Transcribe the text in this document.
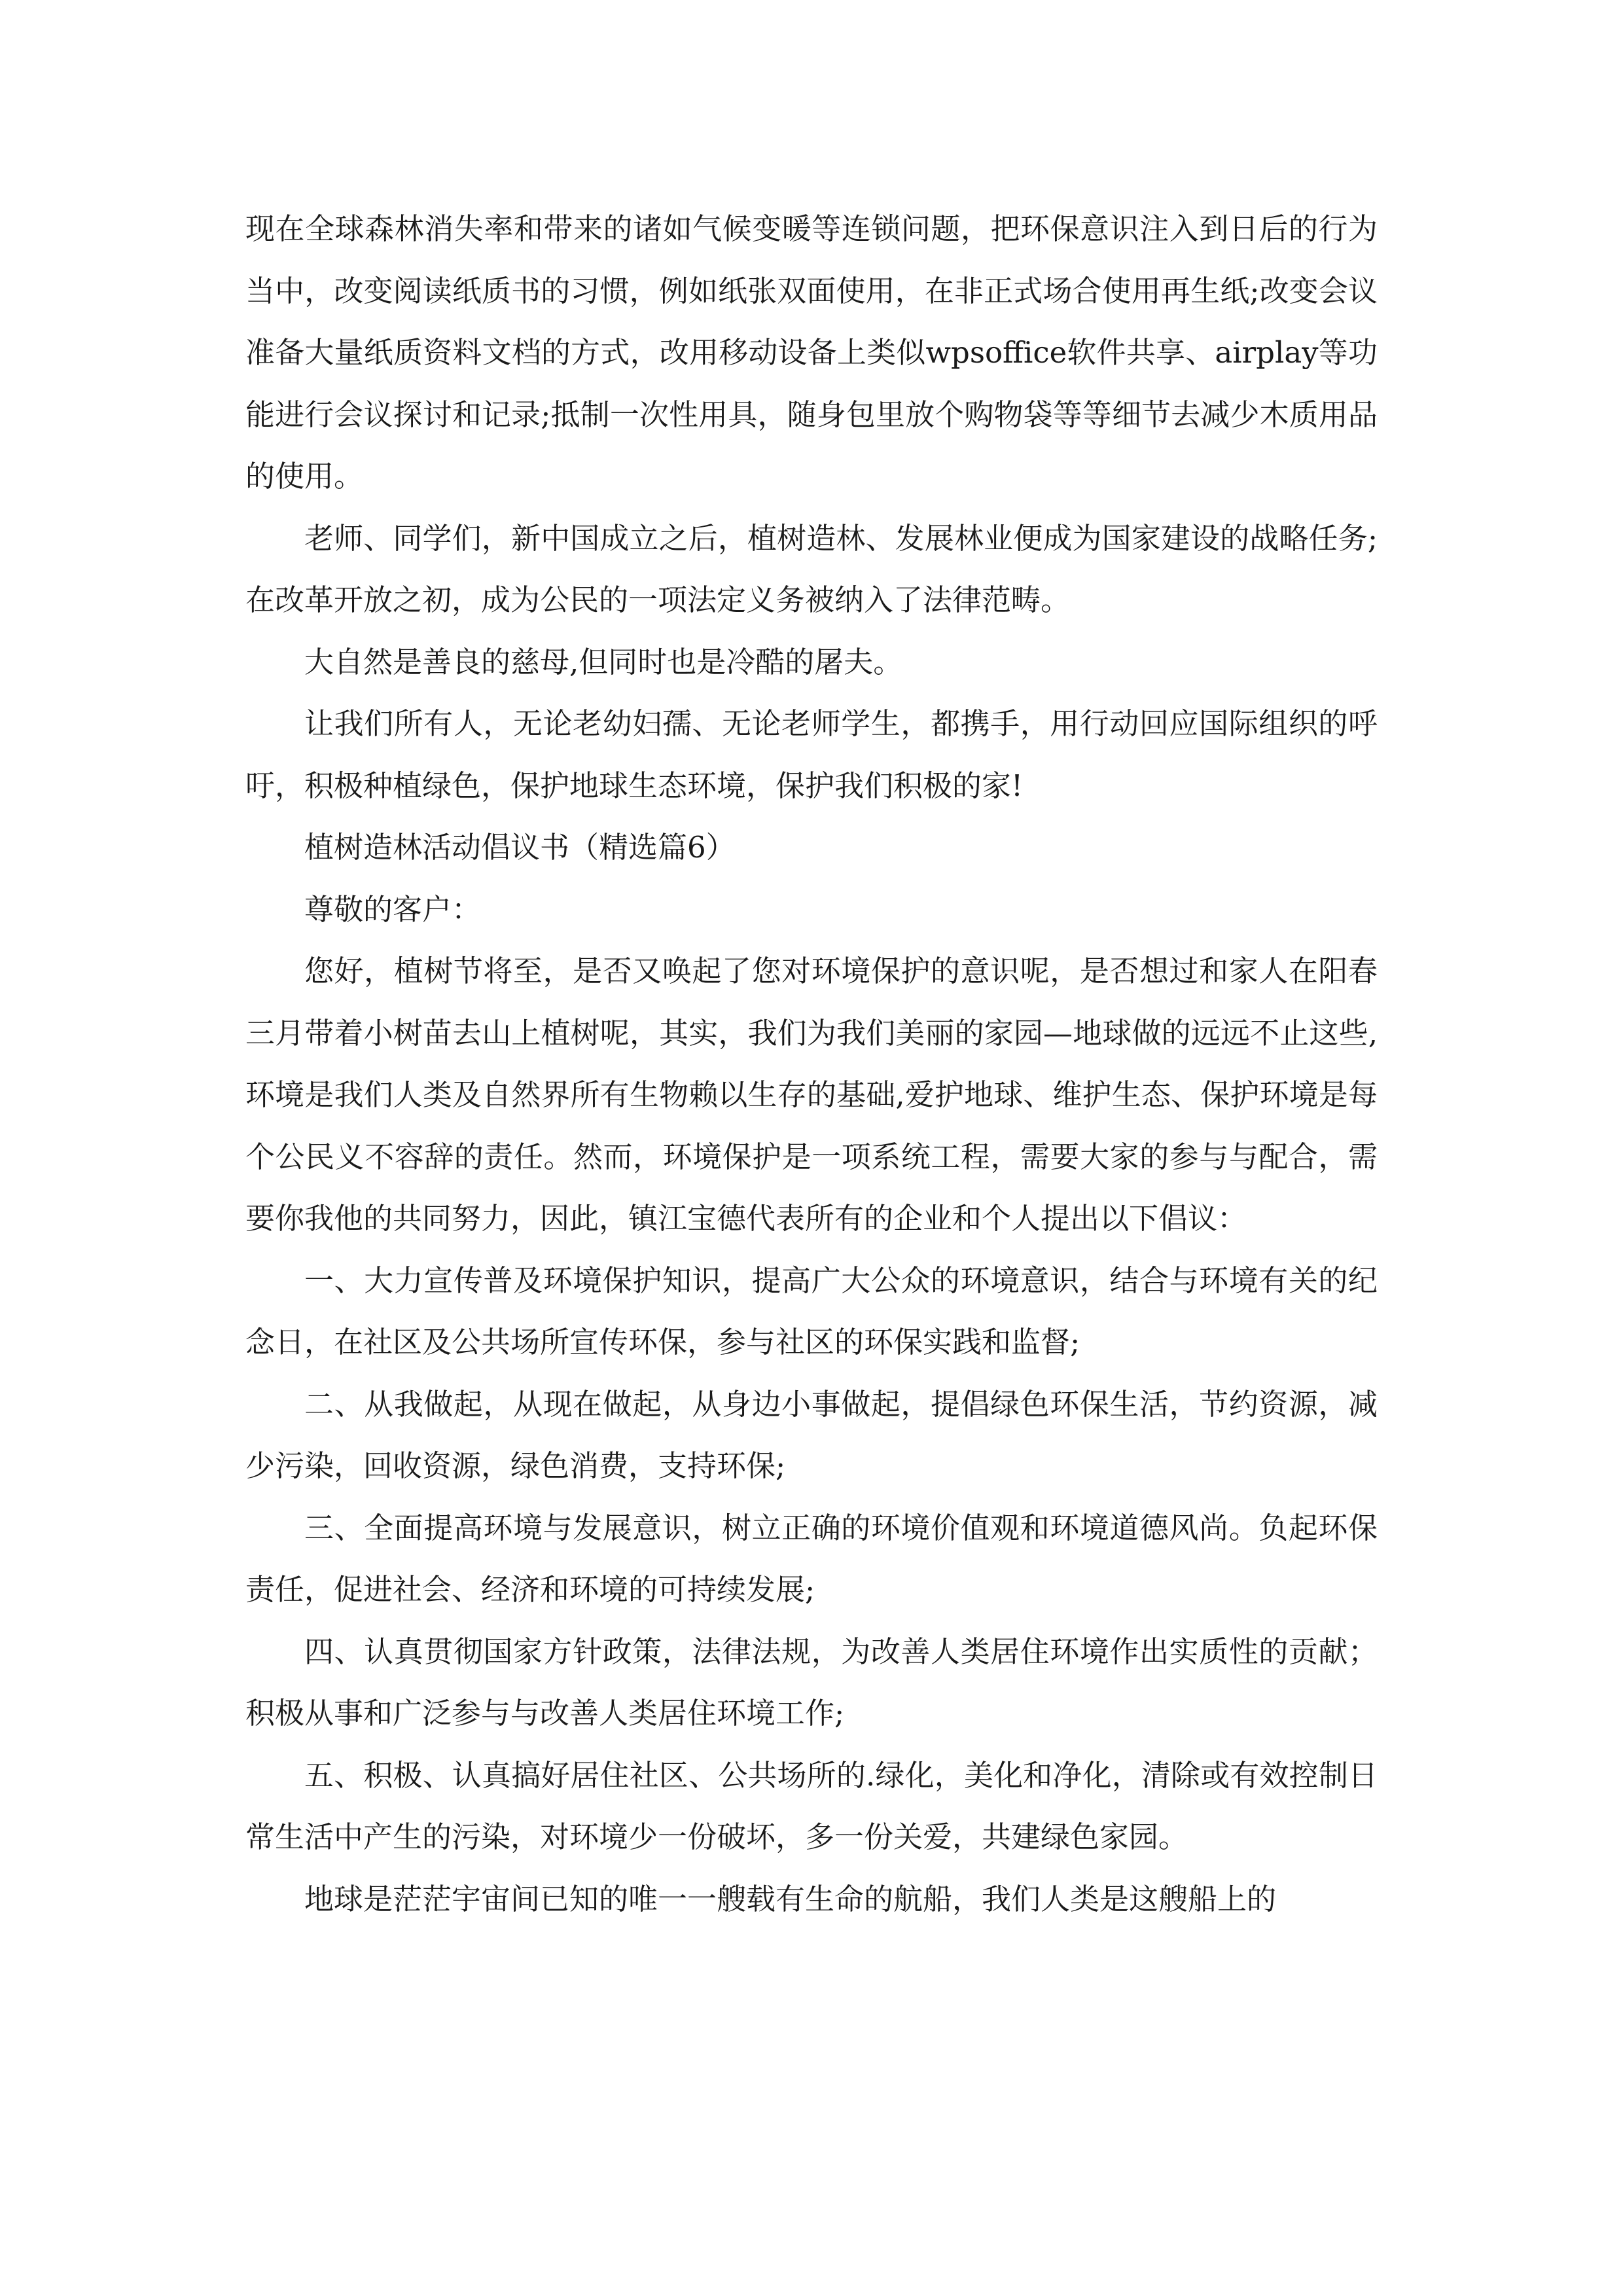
现在全球森林消失率和带来的诸如气候变暖等连锁问题，把环保意识注入到日后的行为当中，改变阅读纸质书的习惯，例如纸张双面使用，在非正式场合使用再生纸;改变会议准备大量纸质资料文档的方式，改用移动设备上类似wpsoffice软件共享、airplay等功能进行会议探讨和记录;抵制一次性用具，随身包里放个购物袋等等细节去减少木质用品的使用。

老师、同学们，新中国成立之后，植树造林、发展林业便成为国家建设的战略任务;在改革开放之初，成为公民的一项法定义务被纳入了法律范畴。

大自然是善良的慈母,但同时也是冷酷的屠夫。

让我们所有人，无论老幼妇孺、无论老师学生，都携手，用行动回应国际组织的呼吁，积极种植绿色，保护地球生态环境，保护我们积极的家!

植树造林活动倡议书（精选篇6）

尊敬的客户：

您好，植树节将至，是否又唤起了您对环境保护的意识呢，是否想过和家人在阳春三月带着小树苗去山上植树呢，其实，我们为我们美丽的家园—地球做的远远不止这些,环境是我们人类及自然界所有生物赖以生存的基础,爱护地球、维护生态、保护环境是每个公民义不容辞的责任。然而，环境保护是一项系统工程，需要大家的参与与配合，需要你我他的共同努力，因此，镇江宝德代表所有的企业和个人提出以下倡议：

一、大力宣传普及环境保护知识，提高广大公众的环境意识，结合与环境有关的纪念日，在社区及公共场所宣传环保，参与社区的环保实践和监督;

二、从我做起，从现在做起，从身边小事做起，提倡绿色环保生活，节约资源，减少污染，回收资源，绿色消费，支持环保;

三、全面提高环境与发展意识，树立正确的环境价值观和环境道德风尚。负起环保责任，促进社会、经济和环境的可持续发展;

四、认真贯彻国家方针政策，法律法规，为改善人类居住环境作出实质性的贡献；积极从事和广泛参与与改善人类居住环境工作;

五、积极、认真搞好居住社区、公共场所的.绿化，美化和净化，清除或有效控制日常生活中产生的污染，对环境少一份破坏，多一份关爱，共建绿色家园。

地球是茫茫宇宙间已知的唯一一艘载有生命的航船，我们人类是这艘船上的
